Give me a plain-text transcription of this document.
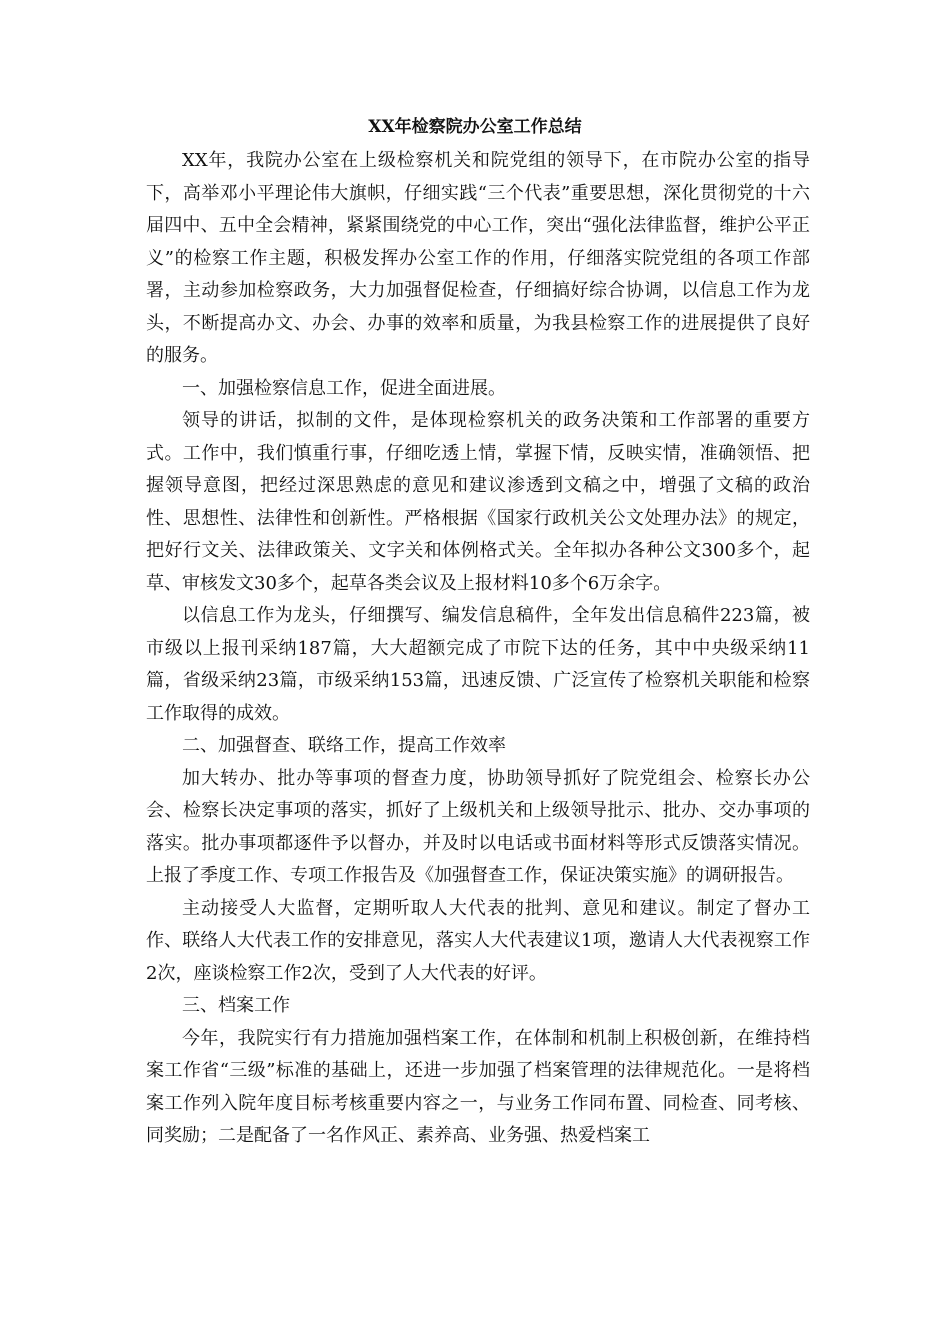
XX年检察院办公室工作总结

XX年，我院办公室在上级检察机关和院党组的领导下，在市院办公室的指导下，高举邓小平理论伟大旗帜，仔细实践“三个代表”重要思想，深化贯彻党的十六届四中、五中全会精神，紧紧围绕党的中心工作，突出“强化法律监督，维护公平正义”的检察工作主题，积极发挥办公室工作的作用，仔细落实院党组的各项工作部署，主动参加检察政务，大力加强督促检查，仔细搞好综合协调，以信息工作为龙头，不断提高办文、办会、办事的效率和质量，为我县检察工作的进展提供了良好的服务。

一、加强检察信息工作，促进全面进展。

领导的讲话，拟制的文件，是体现检察机关的政务决策和工作部署的重要方式。工作中，我们慎重行事，仔细吃透上情，掌握下情，反映实情，准确领悟、把握领导意图，把经过深思熟虑的意见和建议渗透到文稿之中，增强了文稿的政治性、思想性、法律性和创新性。严格根据《国家行政机关公文处理办法》的规定，把好行文关、法律政策关、文字关和体例格式关。全年拟办各种公文300多个，起草、审核发文30多个，起草各类会议及上报材料10多个6万余字。

以信息工作为龙头，仔细撰写、编发信息稿件，全年发出信息稿件223篇，被市级以上报刊采纳187篇，大大超额完成了市院下达的任务，其中中央级采纳11篇，省级采纳23篇，市级采纳153篇，迅速反馈、广泛宣传了检察机关职能和检察工作取得的成效。

二、加强督查、联络工作，提高工作效率

加大转办、批办等事项的督查力度，协助领导抓好了院党组会、检察长办公会、检察长决定事项的落实，抓好了上级机关和上级领导批示、批办、交办事项的落实。批办事项都逐件予以督办，并及时以电话或书面材料等形式反馈落实情况。上报了季度工作、专项工作报告及《加强督查工作，保证决策实施》的调研报告。

主动接受人大监督，定期听取人大代表的批判、意见和建议。制定了督办工作、联络人大代表工作的安排意见，落实人大代表建议1项，邀请人大代表视察工作2次，座谈检察工作2次，受到了人大代表的好评。

三、档案工作

今年，我院实行有力措施加强档案工作，在体制和机制上积极创新，在维持档案工作省“三级”标准的基础上，还进一步加强了档案管理的法律规范化。一是将档案工作列入院年度目标考核重要内容之一，与业务工作同布置、同检查、同考核、同奖励；二是配备了一名作风正、素养高、业务强、热爱档案工
